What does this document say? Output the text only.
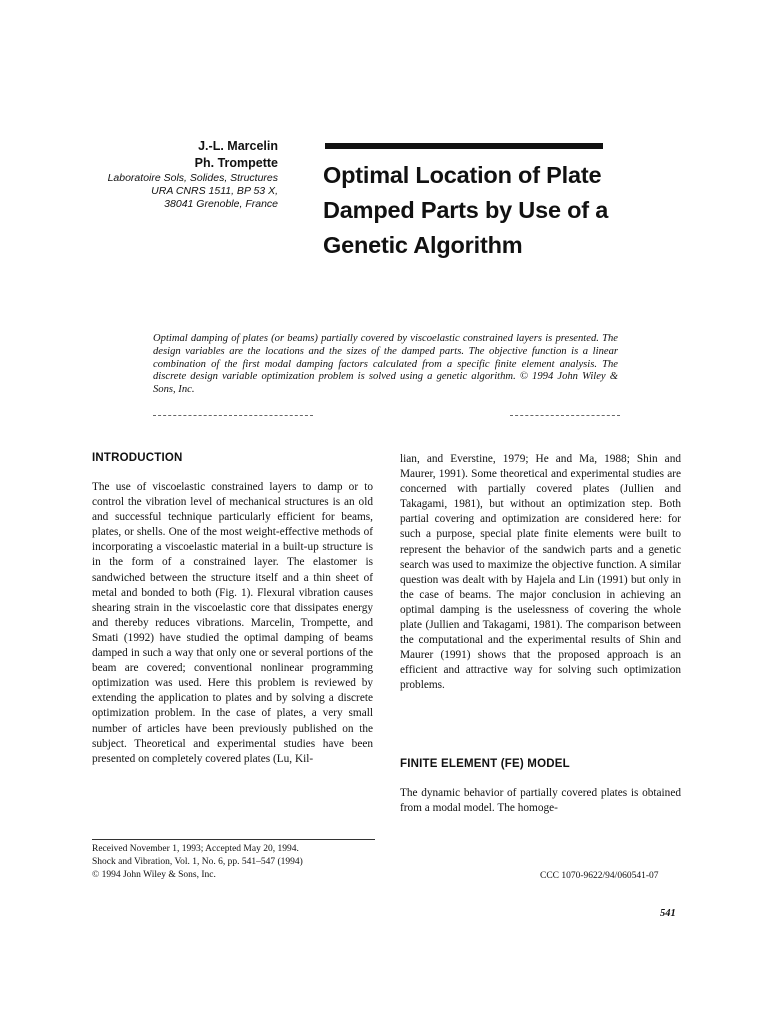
J.-L. Marcelin
Ph. Trompette
Laboratoire Sols, Solides, Structures
URA CNRS 1511, BP 53 X,
38041 Grenoble, France
Optimal Location of Plate
Damped Parts by Use of a
Genetic Algorithm
Optimal damping of plates (or beams) partially covered by viscoelastic constrained layers is presented. The design variables are the locations and the sizes of the damped parts. The objective function is a linear combination of the first modal damping factors calculated from a specific finite element analysis. The discrete design variable optimization problem is solved using a genetic algorithm. © 1994 John Wiley & Sons, Inc.
INTRODUCTION

The use of viscoelastic constrained layers to damp or to control the vibration level of mechanical structures is an old and successful technique particularly efficient for beams, plates, or shells. One of the most weight-effective methods of incorporating a viscoelastic material in a built-up structure is in the form of a constrained layer. The elastomer is sandwiched between the structure itself and a thin sheet of metal and bonded to both (Fig. 1). Flexural vibration causes shearing strain in the viscoelastic core that dissipates energy and thereby reduces vibrations. Marcelin, Trompette, and Smati (1992) have studied the optimal damping of beams damped in such a way that only one or several portions of the beam are covered; conventional nonlinear programming optimization was used. Here this problem is reviewed by extending the application to plates and by solving a discrete optimization problem. In the case of plates, a very small number of articles have been previously published on the subject. Theoretical and experimental studies have been presented on completely covered plates (Lu, Kil-

lian, and Everstine, 1979; He and Ma, 1988; Shin and Maurer, 1991). Some theoretical and experimental studies are concerned with partially covered plates (Jullien and Takagami, 1981), but without an optimization step. Both partial covering and optimization are considered here: for such a purpose, special plate finite elements were built to represent the behavior of the sandwich parts and a genetic search was used to maximize the objective function. A similar question was dealt with by Hajela and Lin (1991) but only in the case of beams. The major conclusion in achieving an optimal damping is the uselessness of covering the whole plate (Jullien and Takagami, 1981). The comparison between the computational and the experimental results of Shin and Maurer (1991) shows that the proposed approach is an efficient and attractive way for solving such optimization problems.

FINITE ELEMENT (FE) MODEL

The dynamic behavior of partially covered plates is obtained from a modal model. The homoge-

Received November 1, 1993; Accepted May 20, 1994.
Shock and Vibration, Vol. 1, No. 6, pp. 541–547 (1994)
© 1994 John Wiley & Sons, Inc.	CCC 1070-9622/94/060541-07
541
